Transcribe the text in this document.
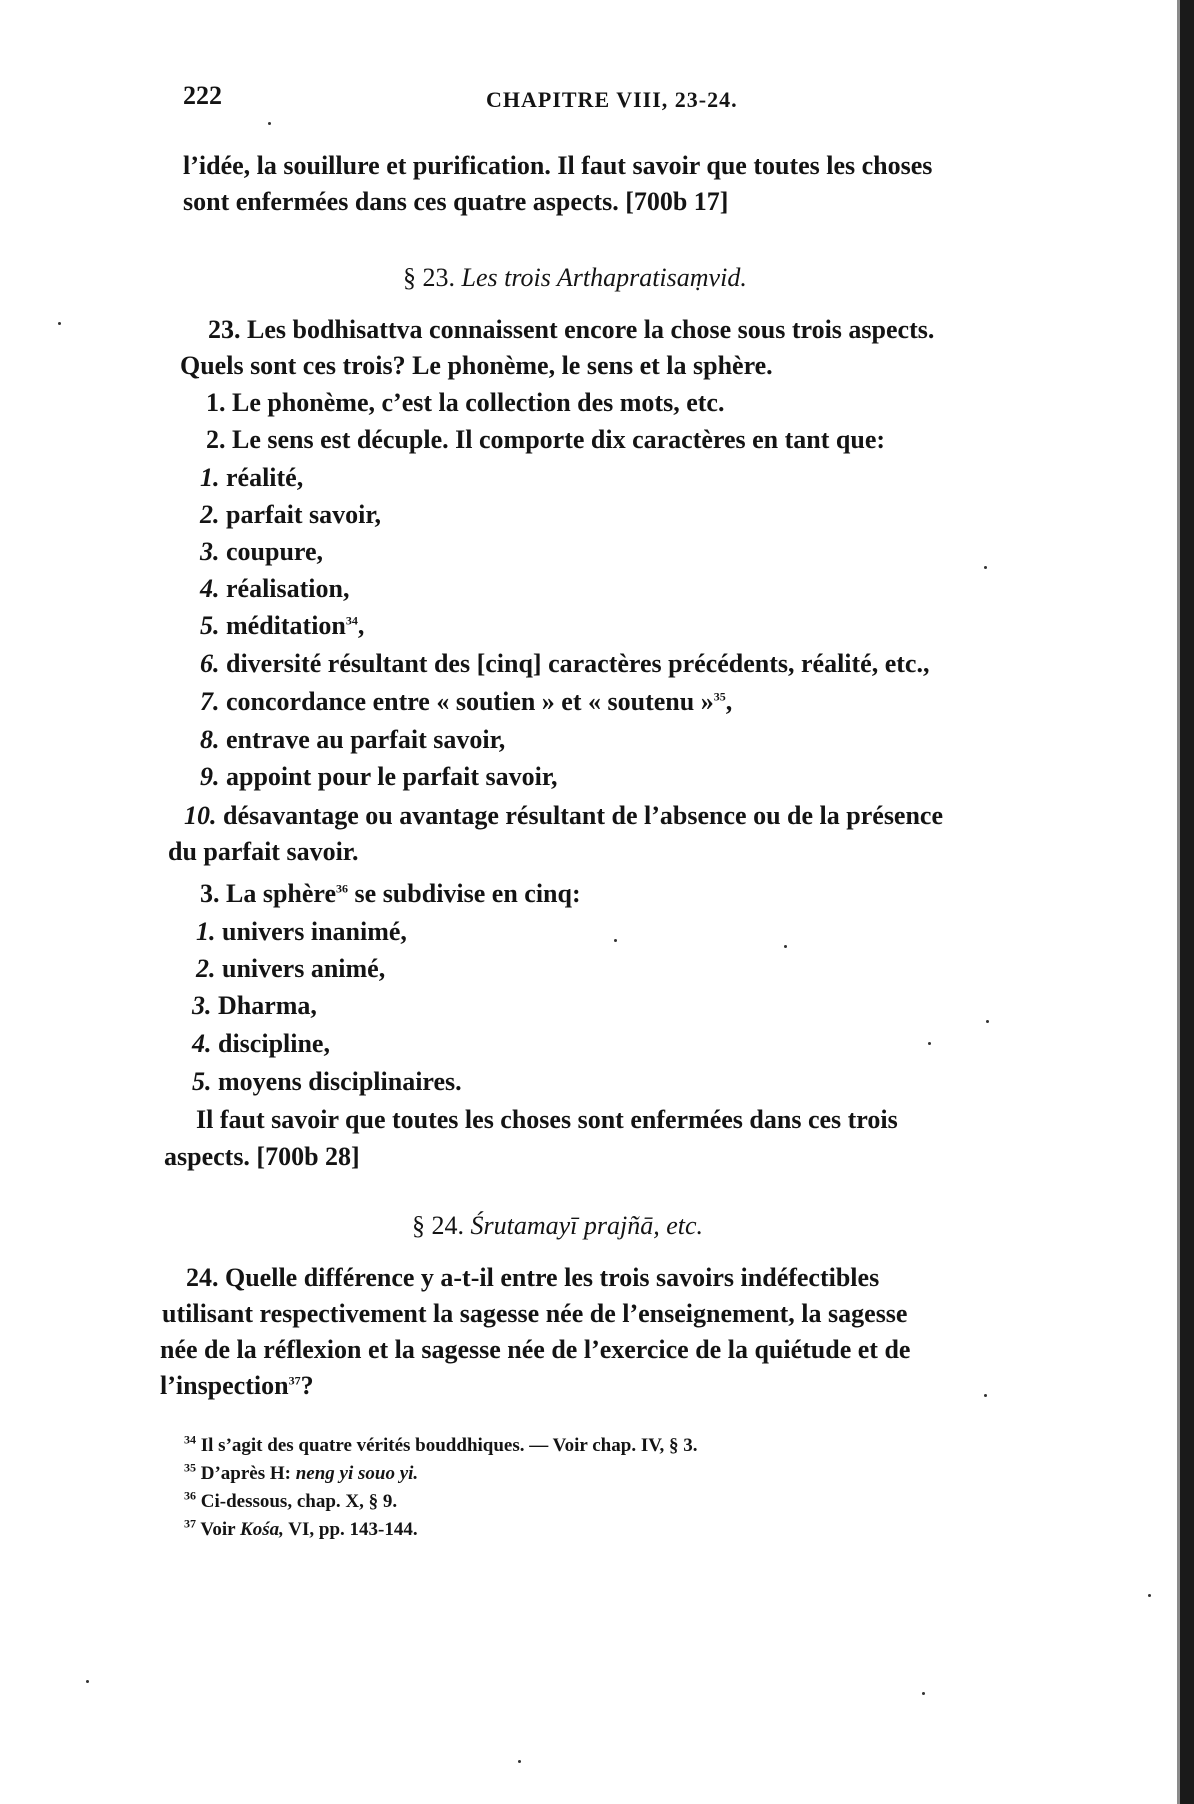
222	CHAPITRE VIII, 23-24.
l’idée, la souillure et purification. Il faut savoir que toutes les choses
sont enfermées dans ces quatre aspects. [700b 17]
§ 23. Les trois Arthapratisaṃvid.
23. Les bodhisattva connaissent encore la chose sous trois aspects.
Quels sont ces trois? Le phonème, le sens et la sphère.
1. Le phonème, c’est la collection des mots, etc.
2. Le sens est décuple. Il comporte dix caractères en tant que:
1. réalité,
2. parfait savoir,
3. coupure,
4. réalisation,
5. méditation$^{34}$,
6. diversité résultant des [cinq] caractères précédents, réalité, etc.,
7. concordance entre « soutien » et « soutenu »$^{35}$,
8. entrave au parfait savoir,
9. appoint pour le parfait savoir,
10. désavantage ou avantage résultant de l’absence ou de la présence
du parfait savoir.
3. La sphère$^{36}$ se subdivise en cinq:
1. univers inanimé,
2. univers animé,
3. Dharma,
4. discipline,
5. moyens disciplinaires.
Il faut savoir que toutes les choses sont enfermées dans ces trois
aspects. [700b 28]
§ 24. Śrutamayī prajñā, etc.
24. Quelle différence y a-t-il entre les trois savoirs indéfectibles
utilisant respectivement la sagesse née de l’enseignement, la sagesse
née de la réflexion et la sagesse née de l’exercice de la quiétude et de
l’inspection$^{37}$?
$^{34}$ Il s’agit des quatre vérités bouddhiques. — Voir chap. IV, § 3.
$^{35}$ D’après H: neng yi souo yi.
$^{36}$ Ci-dessous, chap. X, § 9.
$^{37}$ Voir Kośa, VI, pp. 143-144.
